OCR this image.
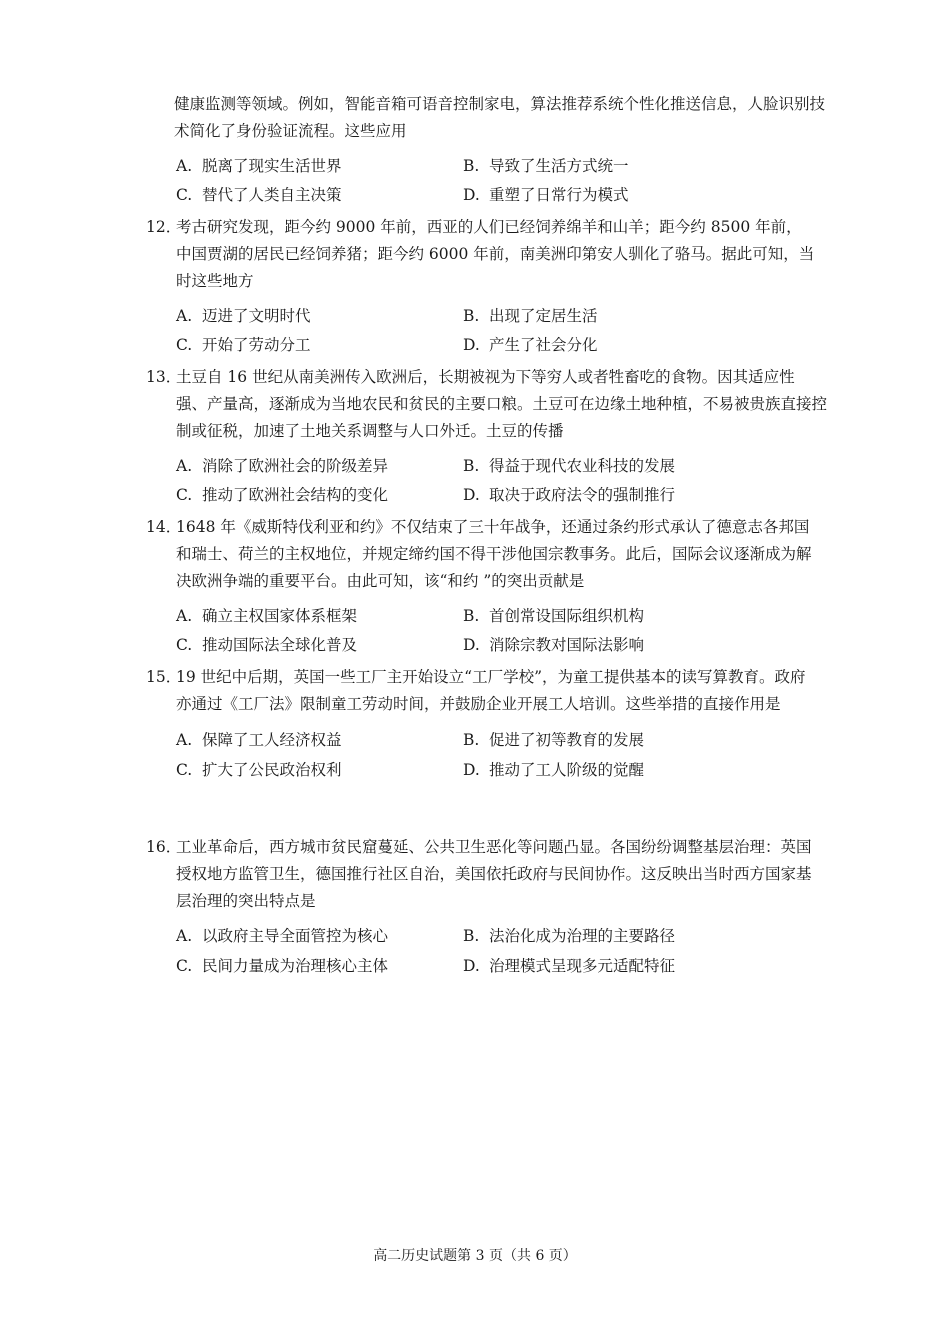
健康监测等领域。例如，智能音箱可语音控制家电，算法推荐系统个性化推送信息，人脸识别技
术简化了身份验证流程。这些应用
A. 脱离了现实生活世界	B. 导致了生活方式统一
C. 替代了人类自主决策	D. 重塑了日常行为模式
12．
考古研究发现，距今约 9000 年前，西亚的人们已经饲养绵羊和山羊；距今约 8500 年前，
中国贾湖的居民已经饲养猪；距今约 6000 年前，南美洲印第安人驯化了骆马。据此可知，当
时这些地方
A. 迈进了文明时代	B. 出现了定居生活
C. 开始了劳动分工	D. 产生了社会分化
13．
土豆自 16 世纪从南美洲传入欧洲后，长期被视为下等穷人或者牲畜吃的食物。因其适应性
强、产量高，逐渐成为当地农民和贫民的主要口粮。土豆可在边缘土地种植，不易被贵族直接控
制或征税，加速了土地关系调整与人口外迁。土豆的传播
A. 消除了欧洲社会的阶级差异	B. 得益于现代农业科技的发展
C. 推动了欧洲社会结构的变化	D. 取决于政府法令的强制推行
14．
1648 年《威斯特伐利亚和约》不仅结束了三十年战争，还通过条约形式承认了德意志各邦国
和瑞士、荷兰的主权地位，并规定缔约国不得干涉他国宗教事务。此后，国际会议逐渐成为解
决欧洲争端的重要平台。由此可知，该“和约 ”的突出贡献是
A. 确立主权国家体系框架	B. 首创常设国际组织机构
C. 推动国际法全球化普及	D. 消除宗教对国际法影响
15．
19 世纪中后期，英国一些工厂主开始设立“工厂学校”，为童工提供基本的读写算教育。政府
亦通过《工厂法》限制童工劳动时间，并鼓励企业开展工人培训。这些举措的直接作用是
A. 保障了工人经济权益	B. 促进了初等教育的发展
C. 扩大了公民政治权利	D. 推动了工人阶级的觉醒
16．
工业革命后，西方城市贫民窟蔓延、公共卫生恶化等问题凸显。各国纷纷调整基层治理：英国
授权地方监管卫生，德国推行社区自治，美国依托政府与民间协作。这反映出当时西方国家基
层治理的突出特点是
A. 以政府主导全面管控为核心	B. 法治化成为治理的主要路径
C. 民间力量成为治理核心主体	D. 治理模式呈现多元适配特征
高二历史试题第 3 页（共 6 页）
